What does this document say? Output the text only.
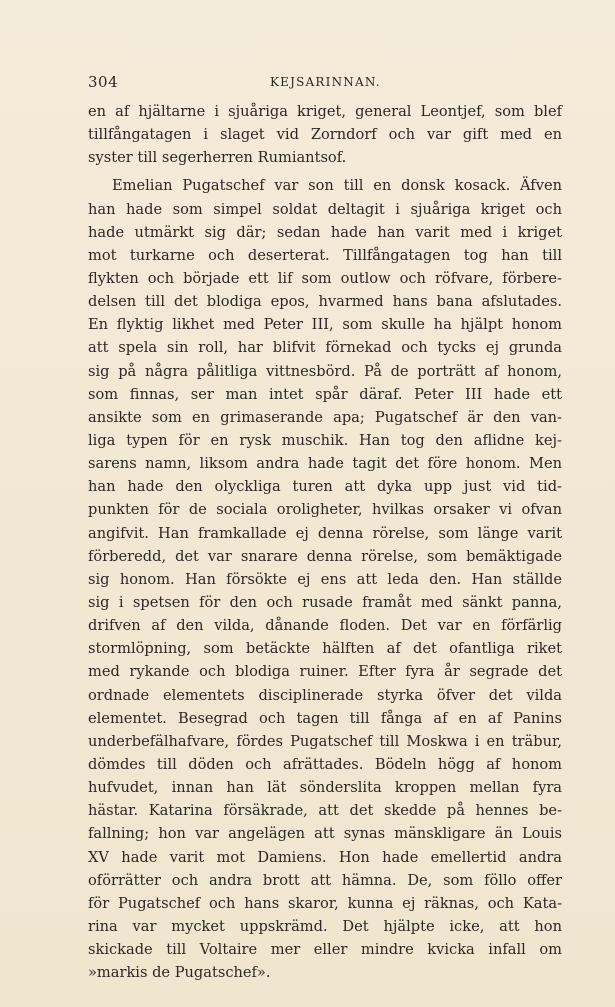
304	KEJSARINNAN.
en af hjältarne i sjuåriga kriget, general Leontjef, som blef
tillfångatagen i slaget vid Zorndorf och var gift med en
syster till segerherren Rumiantsof.
Emelian Pugatschef var son till en donsk kosack. Äfven
han hade som simpel soldat deltagit i sjuåriga kriget och
hade utmärkt sig där; sedan hade han varit med i kriget
mot turkarne och deserterat. Tillfångatagen tog han till
flykten och började ett lif som outlow och röfvare, förbere-
delsen till det blodiga epos, hvarmed hans bana afslutades.
En flyktig likhet med Peter III, som skulle ha hjälpt honom
att spela sin roll, har blifvit förnekad och tycks ej grunda
sig på några pålitliga vittnesbörd. På de porträtt af honom,
som finnas, ser man intet spår däraf. Peter III hade ett
ansikte som en grimaserande apa; Pugatschef är den van-
liga typen för en rysk muschik. Han tog den aflidne kej-
sarens namn, liksom andra hade tagit det före honom. Men
han hade den olyckliga turen att dyka upp just vid tid-
punkten för de sociala oroligheter, hvilkas orsaker vi ofvan
angifvit. Han framkallade ej denna rörelse, som länge varit
förberedd, det var snarare denna rörelse, som bemäktigade
sig honom. Han försökte ej ens att leda den. Han ställde
sig i spetsen för den och rusade framåt med sänkt panna,
drifven af den vilda, dånande floden. Det var en förfärlig
stormlöpning, som betäckte hälften af det ofantliga riket
med rykande och blodiga ruiner. Efter fyra år segrade det
ordnade elementets disciplinerade styrka öfver det vilda
elementet. Besegrad och tagen till fånga af en af Panins
underbefälhafvare, fördes Pugatschef till Moskwa i en träbur,
dömdes till döden och afrättades. Bödeln högg af honom
hufvudet, innan han lät sönderslita kroppen mellan fyra
hästar. Katarina försäkrade, att det skedde på hennes be-
fallning; hon var angelägen att synas mänskligare än Louis
XV hade varit mot Damiens. Hon hade emellertid andra
oförrätter och andra brott att hämna. De, som föllo offer
för Pugatschef och hans skaror, kunna ej räknas, och Kata-
rina var mycket uppskrämd. Det hjälpte icke, att hon
skickade till Voltaire mer eller mindre kvicka infall om
»markis de Pugatschef».
